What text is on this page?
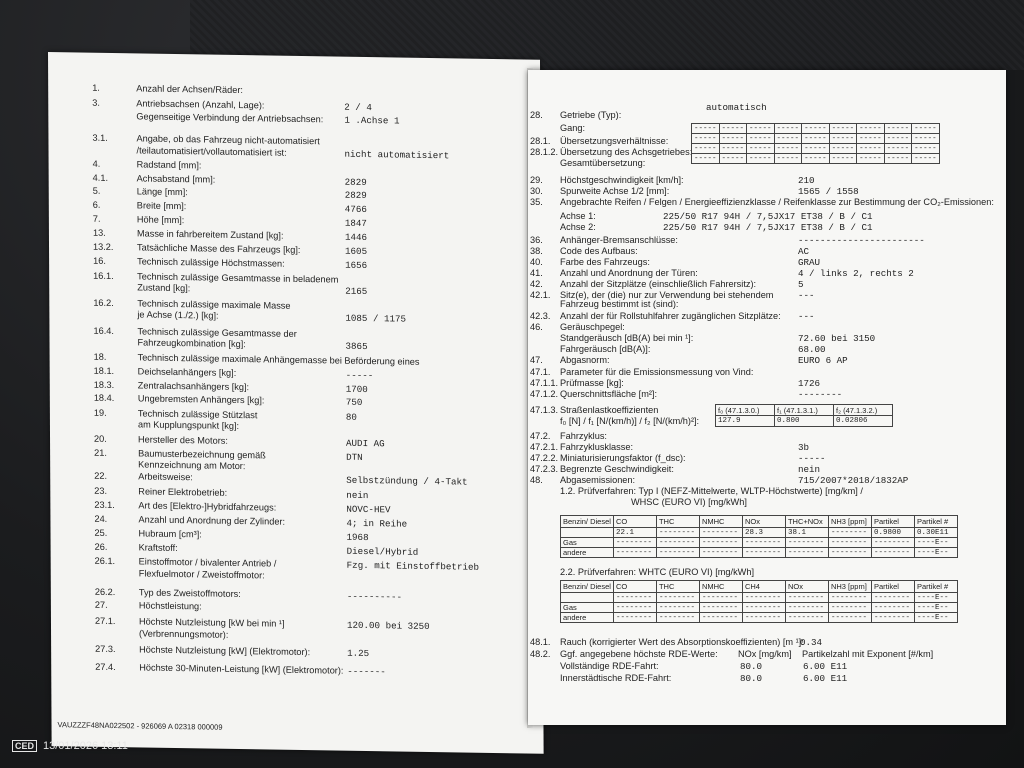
1.	Anzahl der Achsen/Räder:
3.	Antriebsachsen (Anzahl, Lage):	2 / 4
Gegenseitige Verbindung der Antriebsachsen: 1 .Achse 1
3.1.	Angabe, ob das Fahrzeug nicht-automatisiert
/teilautomatisiert/vollautomatisiert ist:	nicht automatisiert
4.	Radstand [mm]:
4.1.	Achsabstand [mm]:	2829
5.	Länge [mm]:	2829
6.	Breite [mm]:	4766
7.	Höhe [mm]:	1847
13.	Masse in fahrbereitem Zustand [kg]:	1446
13.2.	Tatsächliche Masse des Fahrzeugs [kg]:	1605
16.	Technisch zulässige Höchstmassen:	1656
16.1.	Technisch zulässige Gesamtmasse in beladenem
Zustand [kg]:	2165
16.2.	Technisch zulässige maximale Masse
je Achse (1./2.) [kg]:	1085 / 1175
16.4.	Technisch zulässige Gesamtmasse der
Fahrzeugkombination [kg]:	3865
18.	Technisch zulässige maximale Anhängemasse bei Beförderung eines
18.1.	Deichselanhängers [kg]:	-----
18.3.	Zentralachsanhängers [kg]:	1700
18.4.	Ungebremsten Anhängers [kg]:	750
19.	Technisch zulässige Stützlast	80
am Kupplungspunkt [kg]:
20.	Hersteller des Motors:	AUDI AG
21.	Baumusterbezeichnung gemäß	DTN
Kennzeichnung am Motor:
22.	Arbeitsweise:	Selbstzündung / 4-Takt
23.	Reiner Elektrobetrieb:	nein
23.1.	Art des [Elektro-]Hybridfahrzeugs:	NOVC-HEV
24.	Anzahl und Anordnung der Zylinder:	4; in Reihe
25.	Hubraum [cm³]:	1968
26.	Kraftstoff:	Diesel/Hybrid
26.1.	Einstoffmotor / bivalenter Antrieb /	Fzg. mit Einstoffbetrieb
Flexfuelmotor / Zweistoffmotor:
26.2.	Typ des Zweistoffmotors:	----------
27.	Höchstleistung:
27.1.	Höchste Nutzleistung [kW bei min ¹]	120.00 bei 3250
(Verbrennungsmotor):
27.3.	Höchste Nutzleistung [kW] (Elektromotor):	1.25
27.4.	Höchste 30-Minuten-Leistung [kW] (Elektromotor): -------
VAUZZZF48NA022502 - 926069 A 02318 000009
28. Getriebe (Typ):
automatisch
Gang:
28.1. Übersetzungsverhältnisse:
28.1.2. Übersetzung des Achsgetriebes:
Gesamtübersetzung:
29. Höchstgeschwindigkeit [km/h]:	210
30. Spurweite Achse 1/2 [mm]:	1565 / 1558
35. Angebrachte Reifen / Felgen / Energieeffizienzklasse / Reifenklasse zur Bestimmung der CO₂-Emissionen:
Achse 1:	225/50 R17 94H / 7,5JX17 ET38 / B / C1
Achse 2:	225/50 R17 94H / 7,5JX17 ET38 / B / C1
36. Anhänger-Bremsanschlüsse:	-----------------------
38. Code des Aufbaus:	AC
40. Farbe des Fahrzeugs:	GRAU
41. Anzahl und Anordnung der Türen:	4 / links 2, rechts 2
42. Anzahl der Sitzplätze (einschließlich Fahrersitz):	5
42.1. Sitz(e), der (die) nur zur Verwendung bei stehendem	---
Fahrzeug bestimmt ist (sind):
42.3. Anzahl der für Rollstuhlfahrer zugänglichen Sitzplätze: ---
46. Geräuschpegel:
Standgeräusch [dB(A) bei min ¹]:	72.60 bei 3150
Fahrgeräusch [dB(A)]:	68.00
47. Abgasnorm:	EURO 6 AP
47.1. Parameter für die Emissionsmessung von Vind:
47.1.1. Prüfmasse [kg]:	1726
47.1.2. Querschnittsfläche [m²]:	--------
47.1.3. Straßenlastkoeffizienten
f₀ [N] / f₁ [N/(km/h)] / f₂ [N/(km/h)²]:
47.2. Fahrzyklus:
47.2.1. Fahrzyklusklasse:	3b
47.2.2. Miniaturisierungsfaktor (f_dsc):	-----
47.2.3. Begrenzte Geschwindigkeit:	nein
48. Abgasemissionen:	715/2007*2018/1832AP
1.2. Prüfverfahren: Typ I (NEFZ-Mittelwerte, WLTP-Höchstwerte) [mg/km] /
WHSC (EURO VI) [mg/kWh]
-----	-----	-----	-----	-----	-----	-----	-----	-----
-----	-----	-----	-----	-----	-----	-----	-----	-----
-----	-----	-----	-----	-----	-----	-----	-----	-----
-----	-----	-----	-----	-----	-----	-----	-----	-----
f₀ (47.1.3.0.)	f₁ (47.1.3.1.)	f₂ (47.1.3.2.)
127.9	0.800	0.02806
Benzin/ Diesel	CO	THC	NMHC	NOx	THC+NOx	NH3 [ppm]	Partikel	Partikel #
	22.1	--------	--------	28.3	38.1	--------	0.9800	0.30E11
Gas	--------	--------	--------	--------	--------	--------	--------	----E--
andere	--------	--------	--------	--------	--------	--------	--------	----E--
2.2. Prüfverfahren: WHTC (EURO VI) [mg/kWh]
Benzin/ Diesel	CO	THC	NMHC	CH4	NOx	NH3 [ppm]	Partikel	Partikel #
	--------	--------	--------	--------	--------	--------	--------	----E--
Gas	--------	--------	--------	--------	--------	--------	--------	----E--
andere	--------	--------	--------	--------	--------	--------	--------	----E--
48.1. Rauch (korrigierter Wert des Absorptionskoeffizienten) [m ¹]:
0.34
48.2. Ggf. angegebene höchste RDE-Werte: NOx [mg/km] Partikelzahl mit Exponent [#/km]
Vollständige RDE-Fahrt:	80.0	6.00 E11
Innerstädtische RDE-Fahrt:	80.0	6.00 E11
CED 13/01/2026 13:11
